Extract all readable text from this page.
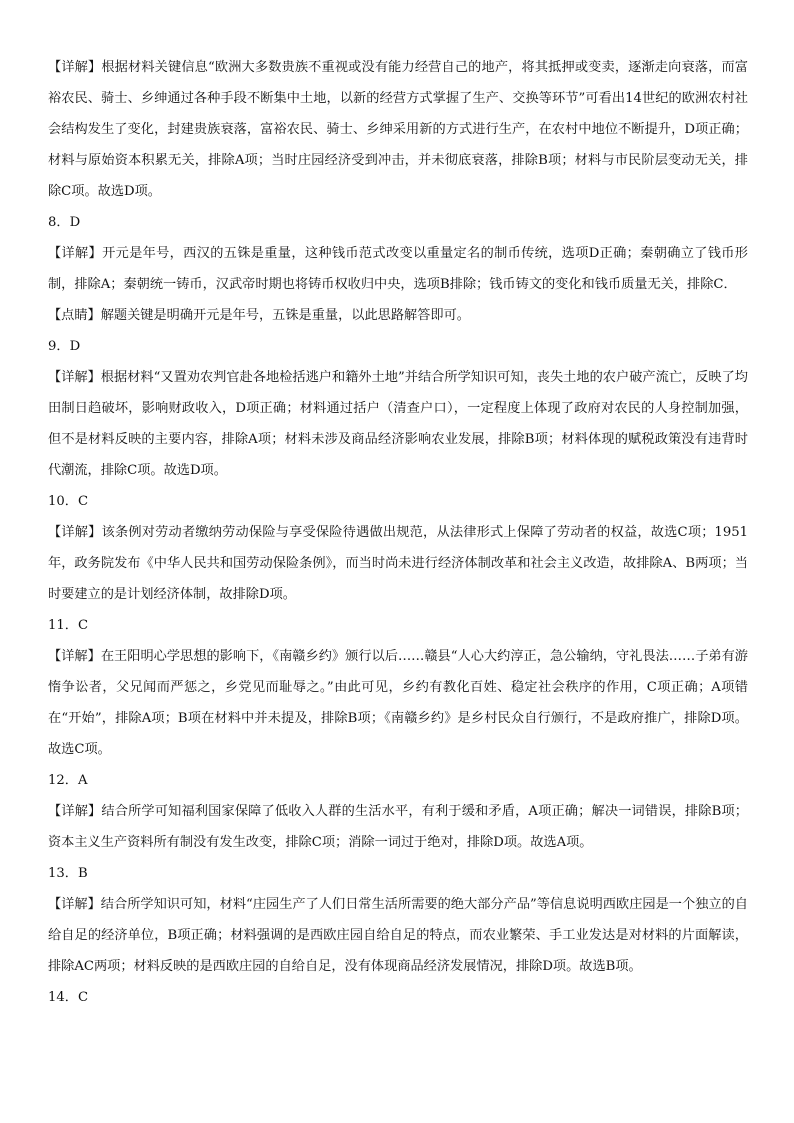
【详解】根据材料关键信息“欧洲大多数贵族不重视或没有能力经营自己的地产，将其抵押或变卖，逐渐走向衰落，而富裕农民、骑士、乡绅通过各种手段不断集中土地，以新的经营方式掌握了生产、交换等环节”可看出14世纪的欧洲农村社会结构发生了变化，封建贵族衰落，富裕农民、骑士、乡绅采用新的方式进行生产，在农村中地位不断提升，D项正确；材料与原始资本积累无关，排除A项；当时庄园经济受到冲击，并未彻底衰落，排除B项；材料与市民阶层变动无关，排除C项。故选D项。

8．D

【详解】开元是年号，西汉的五铢是重量，这种钱币范式改变以重量定名的制币传统，选项D正确；秦朝确立了钱币形制，排除A；秦朝统一铸币，汉武帝时期也将铸币权收归中央，选项B排除；钱币铸文的变化和钱币质量无关，排除C．

【点睛】解题关键是明确开元是年号，五铢是重量，以此思路解答即可。

9．D

【详解】根据材料“又置劝农判官赴各地检括逃户和籍外土地”并结合所学知识可知，丧失土地的农户破产流亡，反映了均田制日趋破坏，影响财政收入，D项正确；材料通过括户（清查户口），一定程度上体现了政府对农民的人身控制加强，但不是材料反映的主要内容，排除A项；材料未涉及商品经济影响农业发展，排除B项；材料体现的赋税政策没有违背时代潮流，排除C项。故选D项。

10．C

【详解】该条例对劳动者缴纳劳动保险与享受保险待遇做出规范，从法律形式上保障了劳动者的权益，故选C项；1951年，政务院发布《中华人民共和国劳动保险条例》，而当时尚未进行经济体制改革和社会主义改造，故排除A、B两项；当时要建立的是计划经济体制，故排除D项。

11．C

【详解】在王阳明心学思想的影响下，《南赣乡约》颁行以后……赣县“人心大约淳正，急公输纳，守礼畏法……子弟有游惰争讼者，父兄闻而严惩之，乡党见而耻辱之。”由此可见，乡约有教化百姓、稳定社会秩序的作用，C项正确；A项错在“开始”，排除A项；B项在材料中并未提及，排除B项；《南赣乡约》是乡村民众自行颁行，不是政府推广，排除D项。故选C项。

12．A

【详解】结合所学可知福利国家保障了低收入人群的生活水平，有利于缓和矛盾，A项正确；解决一词错误，排除B项；资本主义生产资料所有制没有发生改变，排除C项；消除一词过于绝对，排除D项。故选A项。

13．B

【详解】结合所学知识可知，材料“庄园生产了人们日常生活所需要的绝大部分产品”等信息说明西欧庄园是一个独立的自给自足的经济单位，B项正确；材料强调的是西欧庄园自给自足的特点，而农业繁荣、手工业发达是对材料的片面解读，排除AC两项；材料反映的是西欧庄园的自给自足，没有体现商品经济发展情况，排除D项。故选B项。

14．C
